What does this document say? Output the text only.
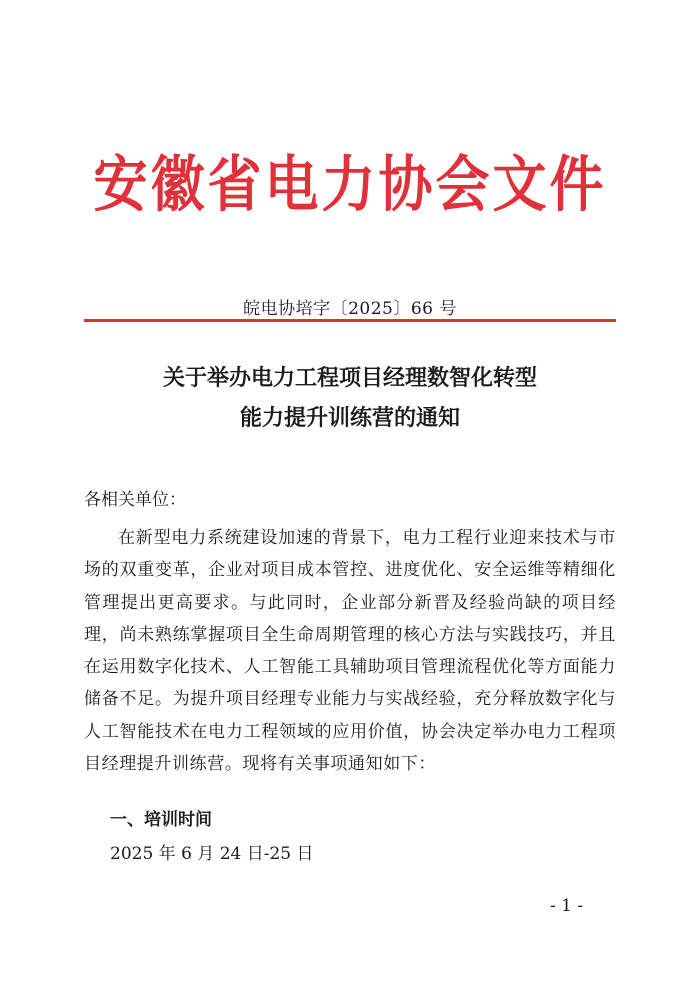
安徽省电力协会文件
皖电协培字〔2025〕66 号
关于举办电力工程项目经理数智化转型
能力提升训练营的通知
各相关单位：
在新型电力系统建设加速的背景下，电力工程行业迎来技术与市场的双重变革，企业对项目成本管控、进度优化、安全运维等精细化管理提出更高要求。与此同时，企业部分新晋及经验尚缺的项目经理，尚未熟练掌握项目全生命周期管理的核心方法与实践技巧，并且在运用数字化技术、人工智能工具辅助项目管理流程优化等方面能力储备不足。为提升项目经理专业能力与实战经验，充分释放数字化与人工智能技术在电力工程领域的应用价值，协会决定举办电力工程项目经理提升训练营。现将有关事项通知如下：
一、培训时间
2025 年 6 月 24 日-25 日
- 1 -
